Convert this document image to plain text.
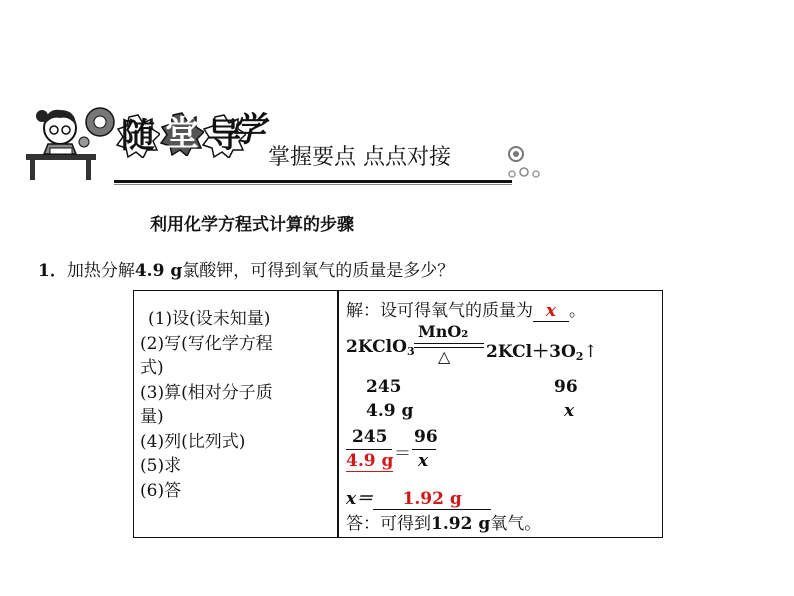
随 堂 导
学
掌握要点 点点对接
利用化学方程式计算的步骤
1．加热分解4.9 g氯酸钾，可得到氧气的质量是多少？
(1)设(设未知量)
(2)写(写化学方程
式)
(3)算(相对分子质
量)
(4)列(比列式)
(5)求
(6)答
解：设可得氧气的质量为 x 。
MnO₂
2KClO$_3$ △ $2KCl+3O_2↑$
245	96
4.9 g	x
245
4.9 g ＝
96
x
x＝ 1.92 g
答：可得到1.92 g氧气。
